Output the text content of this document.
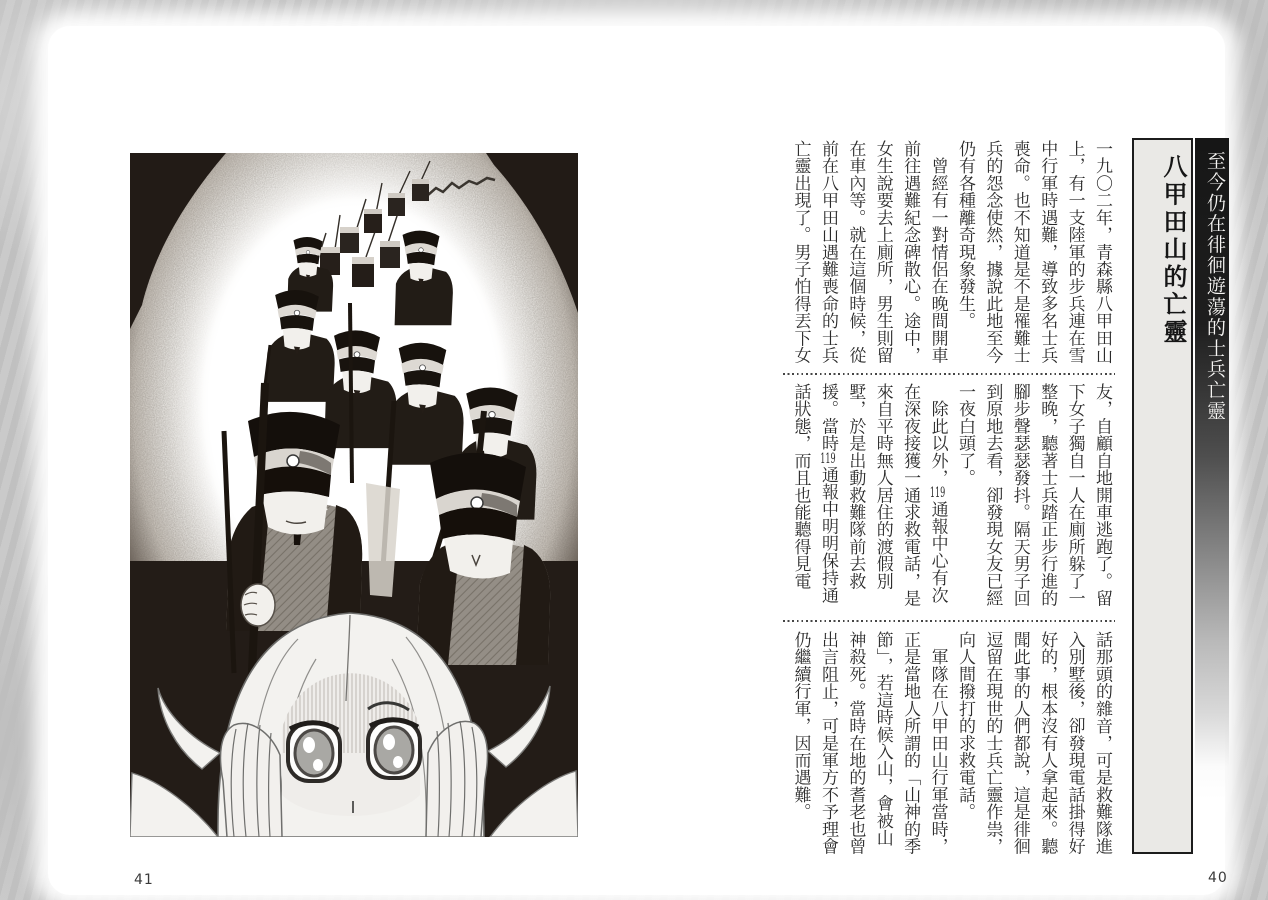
41
至今仍在徘徊遊蕩的士兵亡靈
八甲田山的亡靈
一九〇二年，青森縣八甲田山上，有一支陸軍的步兵連在雪中行軍時遇難，導致多名士兵喪命。也不知道是不是罹難士兵的怨念使然，據說此地至今仍有各種離奇現象發生。
　曾經有一對情侶在晚間開車前往遇難紀念碑散心。途中，女生說要去上廁所，男生則留在車內等。就在這個時候，從前在八甲田山遇難喪命的士兵亡靈出現了。男子怕得丟下女
友，自顧自地開車逃跑了。留下女子獨自一人在廁所躲了一整晚，聽著士兵踏正步行進的腳步聲瑟瑟發抖。隔天男子回到原地去看，卻發現女友已經一夜白頭了。
　除此以外，119通報中心有次在深夜接獲一通求救電話，是來自平時無人居住的渡假別墅，於是出動救難隊前去救援。當時119通報中明明保持通話狀態，而且也能聽得見電
話那頭的雜音，可是救難隊進入別墅後，卻發現電話掛得好好的，根本沒有人拿起來。聽聞此事的人們都說，這是徘徊逗留在現世的士兵亡靈作祟，向人間撥打的求救電話。
　軍隊在八甲田山行軍當時，正是當地人所謂的「山神的季節」，若這時候入山，會被山神殺死。當時在地的耆老也曾出言阻止，可是軍方不予理會仍繼續行軍，因而遇難。
40
